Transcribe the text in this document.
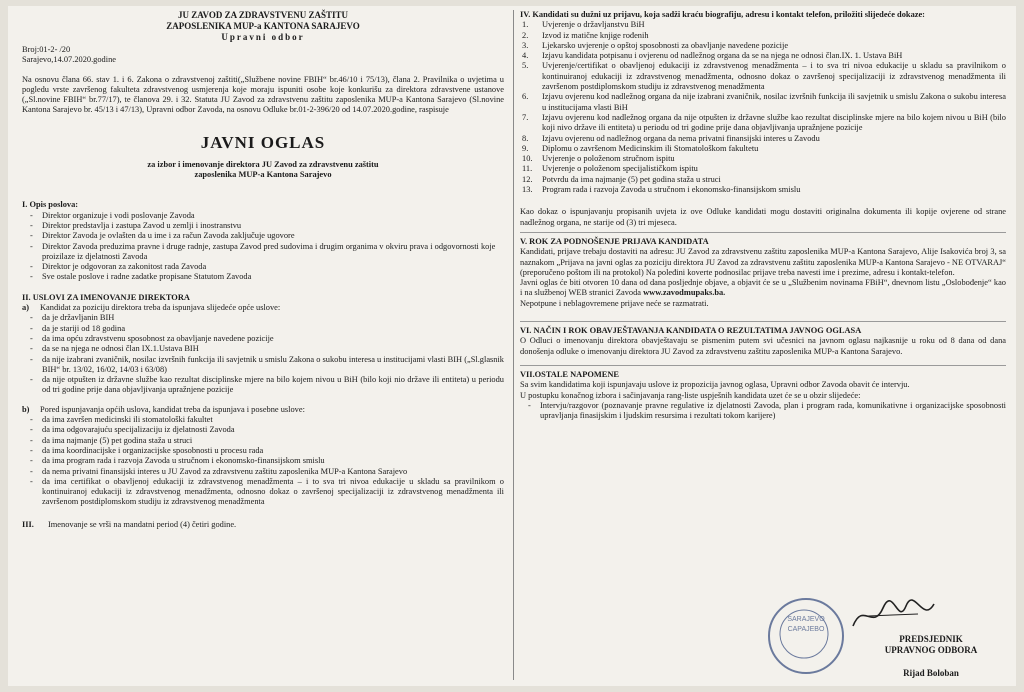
JU ZAVOD ZA ZDRAVSTVENU ZAŠTITU
ZAPOSLENIKA MUP-a KANTONA SARAJEVO
Upravni odbor
Broj:01-2- /20
Sarajevo,14.07.2020.godine
Na osnovu člana 66. stav 1. i 6. Zakona o zdravstvenoj zaštiti(„Službene novine FBIH“ br.46/10 i 75/13), člana 2. Pravilnika o uvjetima u pogledu vrste završenog fakulteta zdravstvenog usmjerenja koje moraju ispuniti osobe koje konkurišu za direktora zdravstvene ustanove („Sl.novine FBIH“ br.77/17), te članova 29. i 32. Statuta JU Zavod za zdravstvenu zaštitu zaposlenika MUP-a Kantona Sarajevo (Sl.novine Kantona Sarajevo br. 45/13 i 47/13), Upravni odbor Zavoda, na osnovu Odluke br.01-2-396/20 od 14.07.2020.godine, raspisuje
JAVNI OGLAS
za izbor i imenovanje direktora JU Zavod za zdravstvenu zaštitu
zaposlenika MUP-a Kantona Sarajevo
I. Opis poslova:
- Direktor organizuje i vodi poslovanje Zavoda
- Direktor predstavlja i zastupa Zavod u zemlji i inostranstvu
- Direktor Zavoda je ovlašten da u ime i za račun Zavoda zaključuje ugovore
- Direktor Zavoda preduzima pravne i druge radnje, zastupa Zavod pred sudovima i drugim organima v okviru prava i odgovornosti koje proizilaze iz djelatnosti Zavoda
- Direktor je odgovoran za zakonitost rada Zavoda
- Sve ostale poslove i radne zadatke propisane Statutom Zavoda
II. USLOVI ZA IMENOVANJE DIREKTORA
a)	Kandidat za poziciju direktora treba da ispunjava slijedeće opće uslove:
- da je državljanin BIH
- da je stariji od 18 godina
- da ima opću zdravstvenu sposobnost za obavljanje navedene pozicije
- da se na njega ne odnosi član IX.1.Ustava BIH
- da nije izabrani zvaničnik, nosilac izvršnih funkcija ili savjetnik u smislu Zakona o sukobu interesa u institucijami vlasti BIH („Sl.glasnik BIH“ br. 13/02, 16/02, 14/03 i 63/08)
- da nije otpušten iz državne službe kao rezultat disciplinske mjere na bilo kojem nivou u BiH (bilo koji nio države ili entiteta) u periodu od tri godine prije dana objavljivanja upražnjene pozicije
b)	Pored ispunjavanja općih uslova, kandidat treba da ispunjava i posebne uslove:
- da ima završen medicinski ili stomatološki fakultet
- da ima odgovarajuću specijalizaciju iz djelatnosti Zavoda
- da ima najmanje (5) pet godina staža u struci
- da ima koordinacijske i organizacijske sposobnosti u procesu rada
- da ima program rada i razvoja Zavoda u stručnom i ekonomsko-finansijskom smislu
- da nema privatni finansijski interes u JU Zavod za zdravstvenu zaštitu zaposlenika MUP-a Kantona Sarajevo
- da ima certifikat o obavljenoj edukaciji iz zdravstvenog menadžmenta – i to sva tri nivoa edukacije u skladu sa pravilnikom o kontinuiranoj edukaciji iz zdravstvenog menadžmenta, odnosno dokaz o završenoj specijalizaciji iz zdravstvenog menadžmenta ili završenom postdiplomskom studiju iz zdravstvenog menadžmenta
III.	Imenovanje se vrši na mandatni period (4) četiri godine.
IV. Kandidati su dužni uz prijavu, koja sadži kraću biografiju, adresu i kontakt telefon, priložiti slijedeće dokaze:
1. Uvjerenje o državljanstvu BiH
2. Izvod iz matične knjige rođenih
3. Ljekarsko uvjerenje o opštoj sposobnosti za obavljanje navedene pozicije
4. Izjavu kandidata potpisanu i ovjerenu od nadležnog organa da se na njega ne odnosi član.IX. 1. Ustava BiH
5. Uvjerenje/certifikat o obavljenoj edukaciji iz zdravstvenog menadžmenta – i to sva tri nivoa edukacije u skladu sa pravilnikom o kontinuiranoj edukaciji iz zdravstvenog menadžmenta, odnosno dokaz o završenoj specijalizaciji iz zdravstvenog menadžmenta ili završenom postdiplomskom studiju iz zdravstvenog menadžmenta
6. Izjavu ovjerenu kod nadležnog organa da nije izabrani zvaničnik, nosilac izvršnih funkcija ili savjetnik u smislu Zakona o sukobu interesa u institucijama vlasti BiH
7. Izjavu ovjerenu kod nadležnog organa da nije otpušten iz državne službe kao rezultat disciplinske mjere na bilo kojem nivou u BiH (bilo koji nivo države ili entiteta) u periodu od tri godine prije dana objavljivanja upražnjene pozicije
8. Izjavu ovjerenu od nadležnog organa da nema privatni finansijski interes u Zavodu
9. Diplomu o završenom Medicinskim ili Stomatološkom fakultetu
10. Uvjerenje o položenom stručnom ispitu
11. Uvjerenje o položenom specijalističkom ispitu
12. Potvrdu da ima najmanje (5) pet godina staža u struci
13. Program rada i razvoja Zavoda u stručnom i ekonomsko-finansijskom smislu
Kao dokaz o ispunjavanju propisanih uvjeta iz ove Odluke kandidati mogu dostaviti originalna dokumenta ili kopije ovjerene od strane nadležnog organa, ne starije od (3) tri mjeseca.
V. ROK ZA PODNOŠENJE PRIJAVA KANDIDATA
Kandidati, prijave trebaju dostaviti na adresu: JU Zavod za zdravstvenu zaštitu zaposlenika MUP-a Kantona Sarajevo, Alije Isakovića broj 3, sa naznakom „Prijava na javni oglas za poziciju direktora JU Zavod za zdravstvenu zaštitu zaposlenika MUP-a Kantona Sarajevo - NE OTVARAJ“ (preporučeno poštom ili na protokol) Na poleđini koverte podnosilac prijave treba navesti ime i prezime, adresu i kontakt-telefon.
Javni oglas će biti otvoren 10 dana od dana posljednje objave, a objavit će se u „Službenim novinama FBiH“, dnevnom listu „Oslobođenje“ kao i na službenoj WEB stranici Zavoda www.zavodmupaks.ba.
Nepotpune i neblagovremene prijave neće se razmatrati.
VI. NAČIN I ROK OBAVJEŠTAVANJA KANDIDATA O REZULTATIMA JAVNOG OGLASA
O Odluci o imenovanju direktora obavještavaju se pismenim putem svi učesnici na javnom oglasu najkasnije u roku od 8 dana od dana donošenja odluke o imenovanju direktora JU Zavod za zdravstvenu zaštitu zaposlenika MUP-a Kantona Sarajevo.
VII.OSTALE NAPOMENE
Sa svim kandidatima koji ispunjavaju uslove iz propozicija javnog oglasa, Upravni odbor Zavoda obavit će intervju.
U postupku konačnog izbora i sačinjavanja rang-liste uspješnih kandidata uzet će se u obzir slijedeće:
- Intervju/razgovor (poznavanje pravne regulative iz djelatnosti Zavoda, plan i program rada, komunikativne i organizacijske sposobnosti upravljanja finasijskim i ljudskim resursima i rezultati tokom karijere)
SARAJEVO
CAPAJEBO
PREDSJEDNIK
UPRAVNOG ODBORA
Rijad Boloban
